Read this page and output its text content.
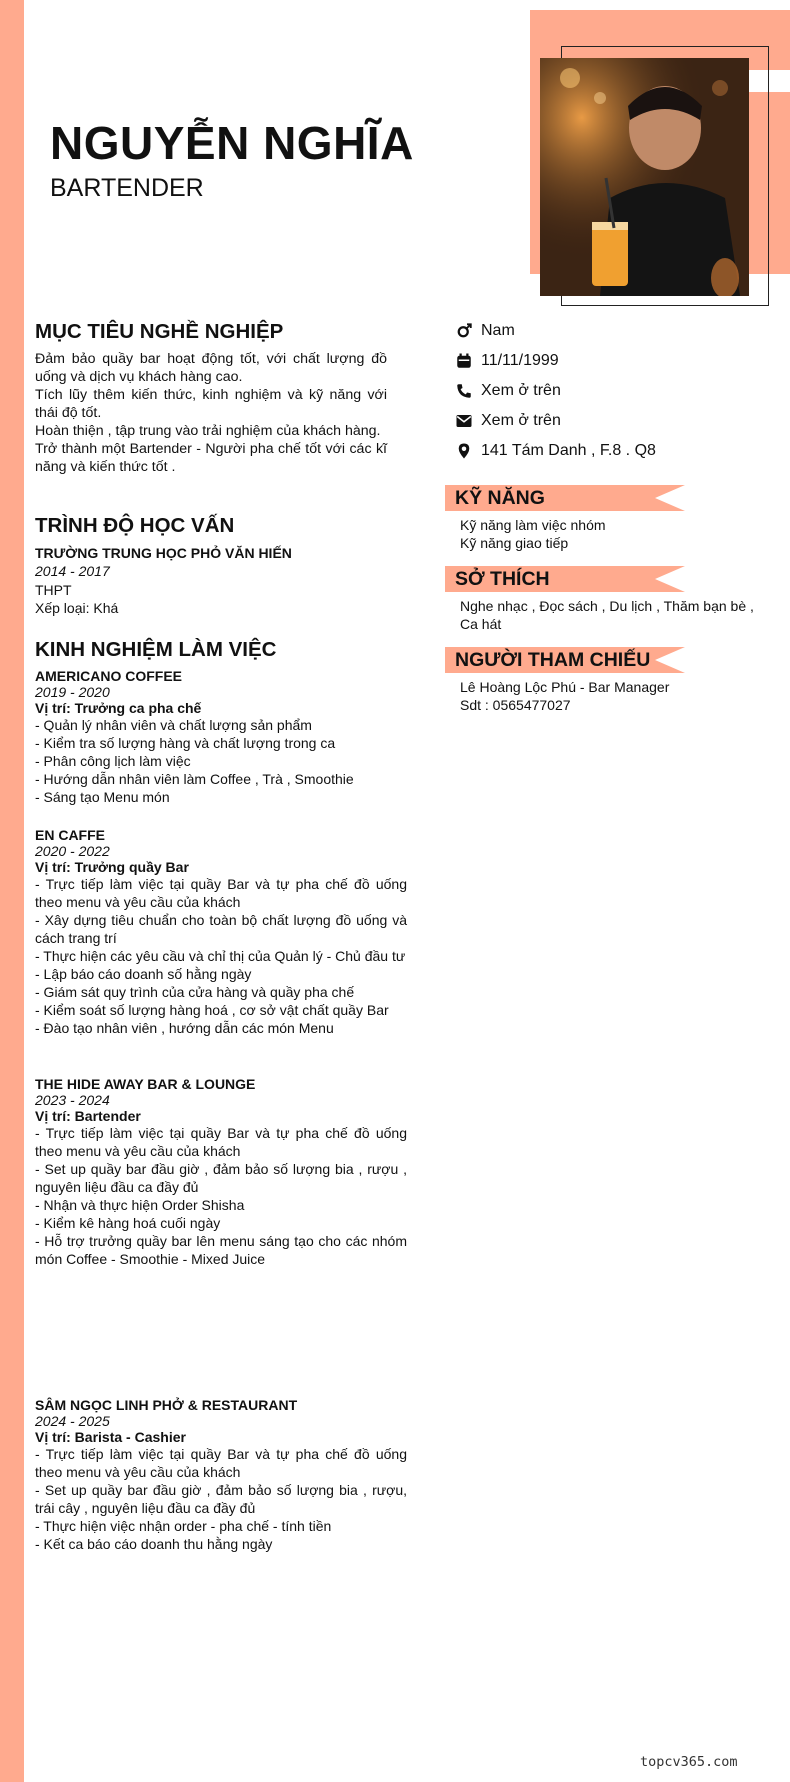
NGUYỄN NGHĨA
BARTENDER
MỤC TIÊU NGHỀ NGHIỆP
Đảm bảo quầy bar hoạt động tốt, với chất lượng đồ uống và dịch vụ khách hàng cao.
Tích lũy thêm kiến thức, kinh nghiệm và kỹ năng với thái độ tốt.
Hoàn thiện , tập trung vào trải nghiệm của khách hàng.
Trở thành một Bartender - Người pha chế tốt với các kĩ năng và kiến thức tốt .
TRÌNH ĐỘ HỌC VẤN
TRƯỜNG TRUNG HỌC PHỎ VĂN HIẾN
2014 - 2017
THPT
Xếp loại: Khá
KINH NGHIỆM LÀM VIỆC
AMERICANO COFFEE
2019 - 2020
Vị trí: Trưởng ca pha chế
- Quản lý nhân viên và chất lượng sản phẩm
- Kiểm tra số lượng hàng và chất lượng trong ca
- Phân công lịch làm việc
- Hướng dẫn nhân viên làm Coffee , Trà , Smoothie
- Sáng tạo Menu món
EN CAFFE
2020 - 2022
Vị trí: Trưởng quầy Bar
- Trực tiếp làm việc tại quầy Bar và tự pha chế đồ uống theo menu và yêu cầu của khách
- Xây dựng tiêu chuẩn cho toàn bộ chất lượng đồ uống và cách trang trí
- Thực hiện các yêu cầu và chỉ thị của Quản lý - Chủ đầu tư
- Lập báo cáo doanh số hằng ngày
- Giám sát quy trình của cửa hàng và quầy pha chế
- Kiểm soát số lượng hàng hoá , cơ sở vật chất quầy Bar
- Đào tạo nhân viên , hướng dẫn các món Menu
THE HIDE AWAY BAR & LOUNGE
2023 - 2024
Vị trí: Bartender
- Trực tiếp làm việc tại quầy Bar và tự pha chế đồ uống theo menu và yêu cầu của khách
- Set up quầy bar đầu giờ , đảm bảo số lượng bia , rượu , nguyên liệu đầu ca đầy đủ
- Nhận và thực hiện Order Shisha
- Kiểm kê hàng hoá cuối ngày
- Hỗ trợ trưởng quầy bar lên menu sáng tạo cho các nhóm món Coffee - Smoothie - Mixed Juice
SÂM NGỌC LINH PHỞ & RESTAURANT
2024 - 2025
Vị trí: Barista - Cashier
- Trực tiếp làm việc tại quầy Bar và tự pha chế đồ uống theo menu và yêu cầu của khách
- Set up quầy bar đầu giờ , đảm bảo số lượng bia , rượu, trái cây , nguyên liệu đầu ca đầy đủ
- Thực hiện việc nhận order - pha chế - tính tiền
- Kết ca báo cáo doanh thu hằng ngày
Nam
11/11/1999
Xem ở trên
Xem ở trên
141 Tám Danh , F.8 . Q8
KỸ NĂNG
Kỹ năng làm việc nhóm
Kỹ năng giao tiếp
SỞ THÍCH
Nghe nhạc , Đọc sách , Du lịch , Thăm bạn bè , Ca hát
NGƯỜI THAM CHIẾU
Lê Hoàng Lộc Phú - Bar Manager
Sdt : 0565477027
topcv365.com
